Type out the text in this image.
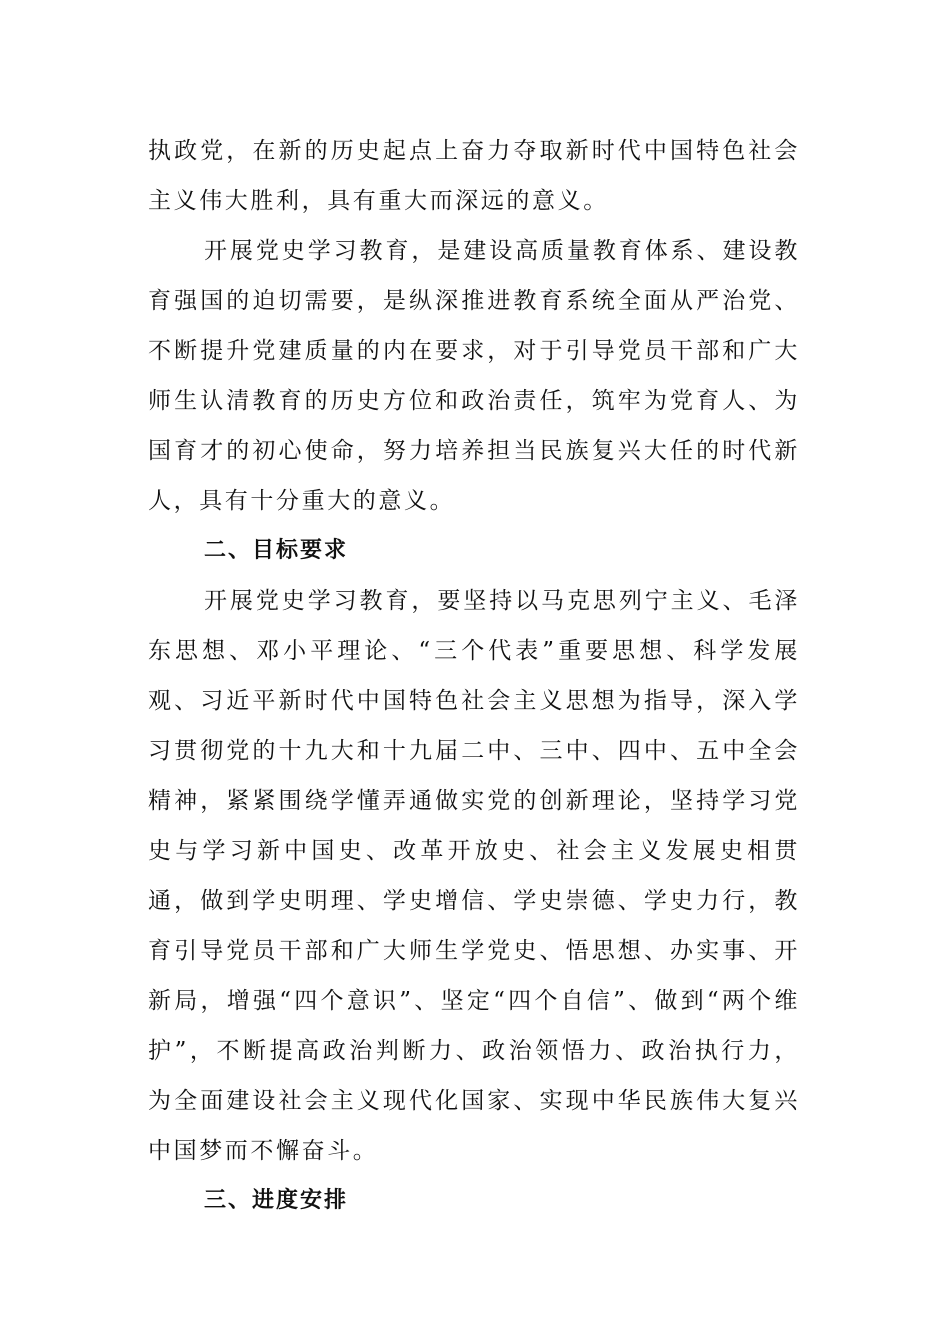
执政党，在新的历史起点上奋力夺取新时代中国特色社会主义伟大胜利，具有重大而深远的意义。

开展党史学习教育，是建设高质量教育体系、建设教育强国的迫切需要，是纵深推进教育系统全面从严治党、不断提升党建质量的内在要求，对于引导党员干部和广大师生认清教育的历史方位和政治责任，筑牢为党育人、为国育才的初心使命，努力培养担当民族复兴大任的时代新人，具有十分重大的意义。

二、目标要求

开展党史学习教育，要坚持以马克思列宁主义、毛泽东思想、邓小平理论、“三个代表”重要思想、科学发展观、习近平新时代中国特色社会主义思想为指导，深入学习贯彻党的十九大和十九届二中、三中、四中、五中全会精神，紧紧围绕学懂弄通做实党的创新理论，坚持学习党史与学习新中国史、改革开放史、社会主义发展史相贯通，做到学史明理、学史增信、学史崇德、学史力行，教育引导党员干部和广大师生学党史、悟思想、办实事、开新局，增强“四个意识”、坚定“四个自信”、做到“两个维护”，不断提高政治判断力、政治领悟力、政治执行力，为全面建设社会主义现代化国家、实现中华民族伟大复兴中国梦而不懈奋斗。

三、进度安排
